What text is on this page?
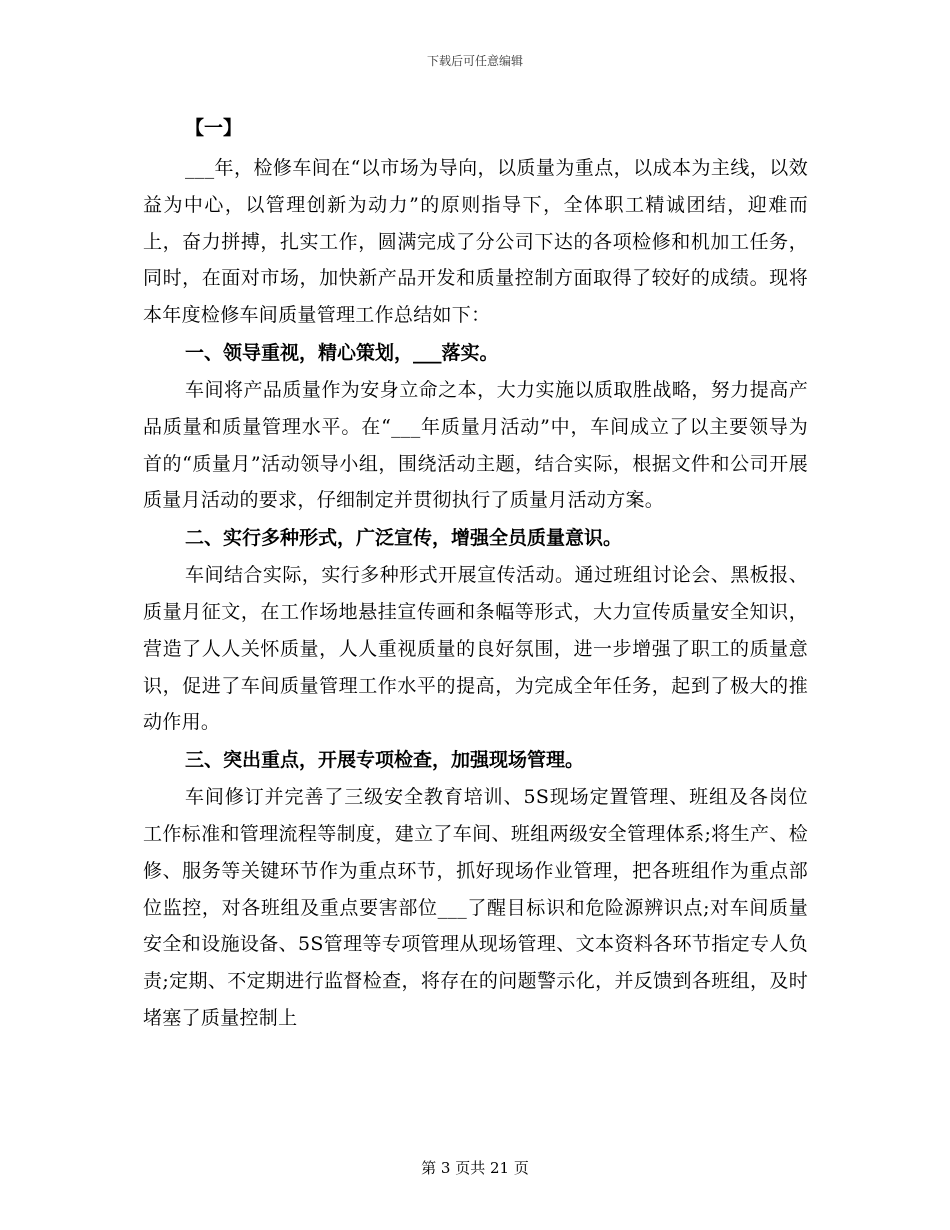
下载后可任意编辑
【一】

___年，检修车间在“以市场为导向，以质量为重点，以成本为主线，以效益为中心，以管理创新为动力”的原则指导下，全体职工精诚团结，迎难而上，奋力拼搏，扎实工作，圆满完成了分公司下达的各项检修和机加工任务，同时，在面对市场，加快新产品开发和质量控制方面取得了较好的成绩。现将本年度检修车间质量管理工作总结如下：

一、领导重视，精心策划，___落实。

车间将产品质量作为安身立命之本，大力实施以质取胜战略，努力提高产品质量和质量管理水平。在“___年质量月活动”中，车间成立了以主要领导为首的“质量月”活动领导小组，围绕活动主题，结合实际，根据文件和公司开展质量月活动的要求，仔细制定并贯彻执行了质量月活动方案。

二、实行多种形式，广泛宣传，增强全员质量意识。

车间结合实际，实行多种形式开展宣传活动。通过班组讨论会、黑板报、质量月征文，在工作场地悬挂宣传画和条幅等形式，大力宣传质量安全知识，营造了人人关怀质量，人人重视质量的良好氛围，进一步增强了职工的质量意识，促进了车间质量管理工作水平的提高，为完成全年任务，起到了极大的推动作用。

三、突出重点，开展专项检查，加强现场管理。

车间修订并完善了三级安全教育培训、5S现场定置管理、班组及各岗位工作标准和管理流程等制度，建立了车间、班组两级安全管理体系;将生产、检修、服务等关键环节作为重点环节，抓好现场作业管理，把各班组作为重点部位监控，对各班组及重点要害部位___了醒目标识和危险源辨识点;对车间质量安全和设施设备、5S管理等专项管理从现场管理、文本资料各环节指定专人负责;定期、不定期进行监督检查，将存在的问题警示化，并反馈到各班组，及时堵塞了质量控制上

第 3 页共 21 页
